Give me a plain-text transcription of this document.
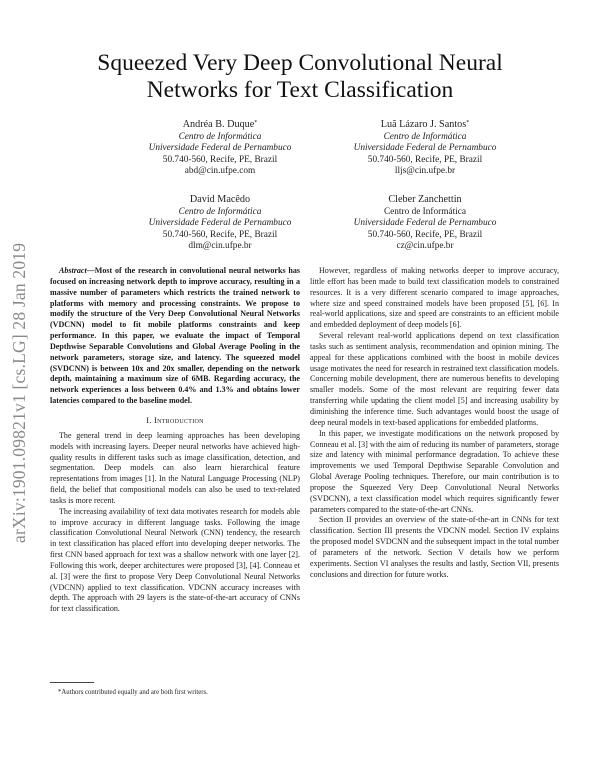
arXiv:1901.09821v1 [cs.LG] 28 Jan 2019
Squeezed Very Deep Convolutional Neural Networks for Text Classification
Andréa B. Duque*
Centro de Informática
Universidade Federal de Pernambuco
50.740-560, Recife, PE, Brazil
abd@cin.ufpe.com
Luã Lázaro J. Santos*
Centro de Informática
Universidade Federal de Pernambuco
50.740-560, Recife, PE, Brazil
lljs@cin.ufpe.br
David Macêdo
Centro de Informática
Universidade Federal de Pernambuco
50.740-560, Recife, PE, Brazil
dlm@cin.ufpe.br
Cleber Zanchettin
Centro de Informática
Universidade Federal de Pernambuco
50.740-560, Recife, PE, Brazil
cz@cin.ufpe.br

Abstract—Most of the research in convolutional neural networks has focused on increasing network depth to improve accuracy, resulting in a massive number of parameters which restricts the trained network to platforms with memory and processing constraints. We propose to modify the structure of the Very Deep Convolutional Neural Networks (VDCNN) model to fit mobile platforms constraints and keep performance. In this paper, we evaluate the impact of Temporal Depthwise Separable Convolutions and Global Average Pooling in the network parameters, storage size, and latency. The squeezed model (SVDCNN) is between 10x and 20x smaller, depending on the network depth, maintaining a maximum size of 6MB. Regarding accuracy, the network experiences a loss between 0.4% and 1.3% and obtains lower latencies compared to the baseline model.

I. Introduction

The general trend in deep learning approaches has been developing models with increasing layers. Deeper neural networks have achieved high-quality results in different tasks such as image classification, detection, and segmentation. Deep models can also learn hierarchical feature representations from images [1]. In the Natural Language Processing (NLP) field, the belief that compositional models can also be used to text-related tasks is more recent.

The increasing availability of text data motivates research for models able to improve accuracy in different language tasks. Following the image classification Convolutional Neural Network (CNN) tendency, the research in text classification has placed effort into developing deeper networks. The first CNN based approach for text was a shallow network with one layer [2]. Following this work, deeper architectures were proposed [3], [4]. Conneau et al. [3] were the first to propose Very Deep Convolutional Neural Networks (VDCNN) applied to text classification. VDCNN accuracy increases with depth. The approach with 29 layers is the state-of-the-art accuracy of CNNs for text classification.

*Authors contributed equally and are both first writers.

However, regardless of making networks deeper to improve accuracy, little effort has been made to build text classification models to constrained resources. It is a very different scenario compared to image approaches, where size and speed constrained models have been proposed [5], [6]. In real-world applications, size and speed are constraints to an efficient mobile and embedded deployment of deep models [6].

Several relevant real-world applications depend on text classification tasks such as sentiment analysis, recommendation and opinion mining. The appeal for these applications combined with the boost in mobile devices usage motivates the need for research in restrained text classification models. Concerning mobile development, there are numerous benefits to developing smaller models. Some of the most relevant are requiring fewer data transferring while updating the client model [5] and increasing usability by diminishing the inference time. Such advantages would boost the usage of deep neural models in text-based applications for embedded platforms.

In this paper, we investigate modifications on the network proposed by Conneau et al. [3] with the aim of reducing its number of parameters, storage size and latency with minimal performance degradation. To achieve these improvements we used Temporal Depthwise Separable Convolution and Global Average Pooling techniques. Therefore, our main contribution is to propose the Squeezed Very Deep Convolutional Neural Networks (SVDCNN), a text classification model which requires significantly fewer parameters compared to the state-of-the-art CNNs.

Section II provides an overview of the state-of-the-art in CNNs for text classification. Section III presents the VDCNN model. Section IV explains the proposed model SVDCNN and the subsequent impact in the total number of parameters of the network. Section V details how we perform experiments. Section VI analyses the results and lastly, Section VII, presents conclusions and direction for future works.
